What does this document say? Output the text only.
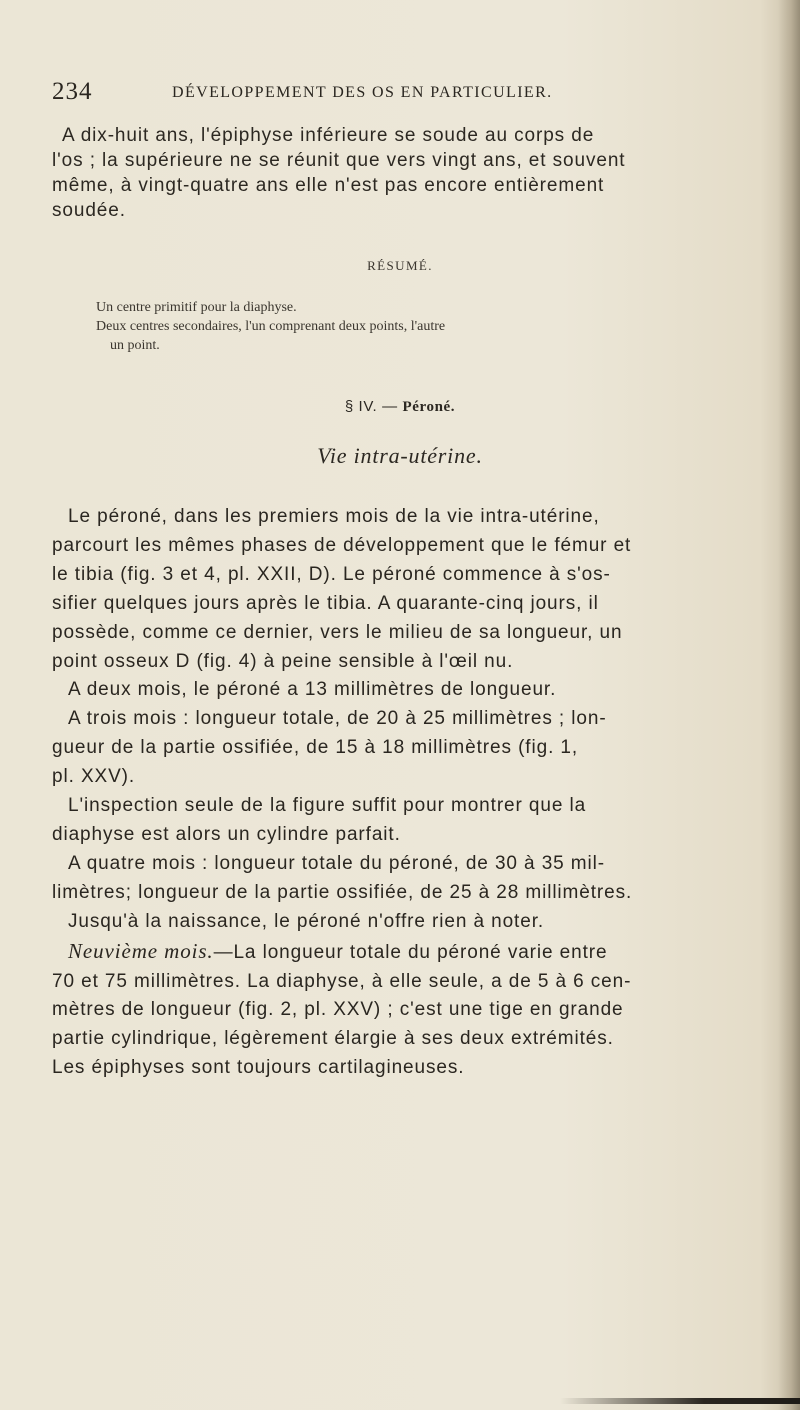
234	DÉVELOPPEMENT DES OS EN PARTICULIER.
A dix-huit ans, l'épiphyse inférieure se soude au corps de
l'os ; la supérieure ne se réunit que vers vingt ans, et souvent
même, à vingt-quatre ans elle n'est pas encore entièrement
soudée.
RÉSUMÉ.
Un centre primitif pour la diaphyse.
Deux centres secondaires, l'un comprenant deux points, l'autre
un point.
§ IV. — Péroné.
Vie intra-utérine.
Le péroné, dans les premiers mois de la vie intra-utérine,
parcourt les mêmes phases de développement que le fémur et
le tibia (fig. 3 et 4, pl. XXII, D). Le péroné commence à s'os-
sifier quelques jours après le tibia. A quarante-cinq jours, il
possède, comme ce dernier, vers le milieu de sa longueur, un
point osseux D (fig. 4) à peine sensible à l'œil nu.
A deux mois, le péroné a 13 millimètres de longueur.
A trois mois : longueur totale, de 20 à 25 millimètres ; lon-
gueur de la partie ossifiée, de 15 à 18 millimètres (fig. 1,
pl. XXV).
L'inspection seule de la figure suffit pour montrer que la
diaphyse est alors un cylindre parfait.
A quatre mois : longueur totale du péroné, de 30 à 35 mil-
limètres; longueur de la partie ossifiée, de 25 à 28 millimètres.
Jusqu'à la naissance, le péroné n'offre rien à noter.
Neuvième mois.—La longueur totale du péroné varie entre
70 et 75 millimètres. La diaphyse, à elle seule, a de 5 à 6 cen-
mètres de longueur (fig. 2, pl. XXV) ; c'est une tige en grande
partie cylindrique, légèrement élargie à ses deux extrémités.
Les épiphyses sont toujours cartilagineuses.
